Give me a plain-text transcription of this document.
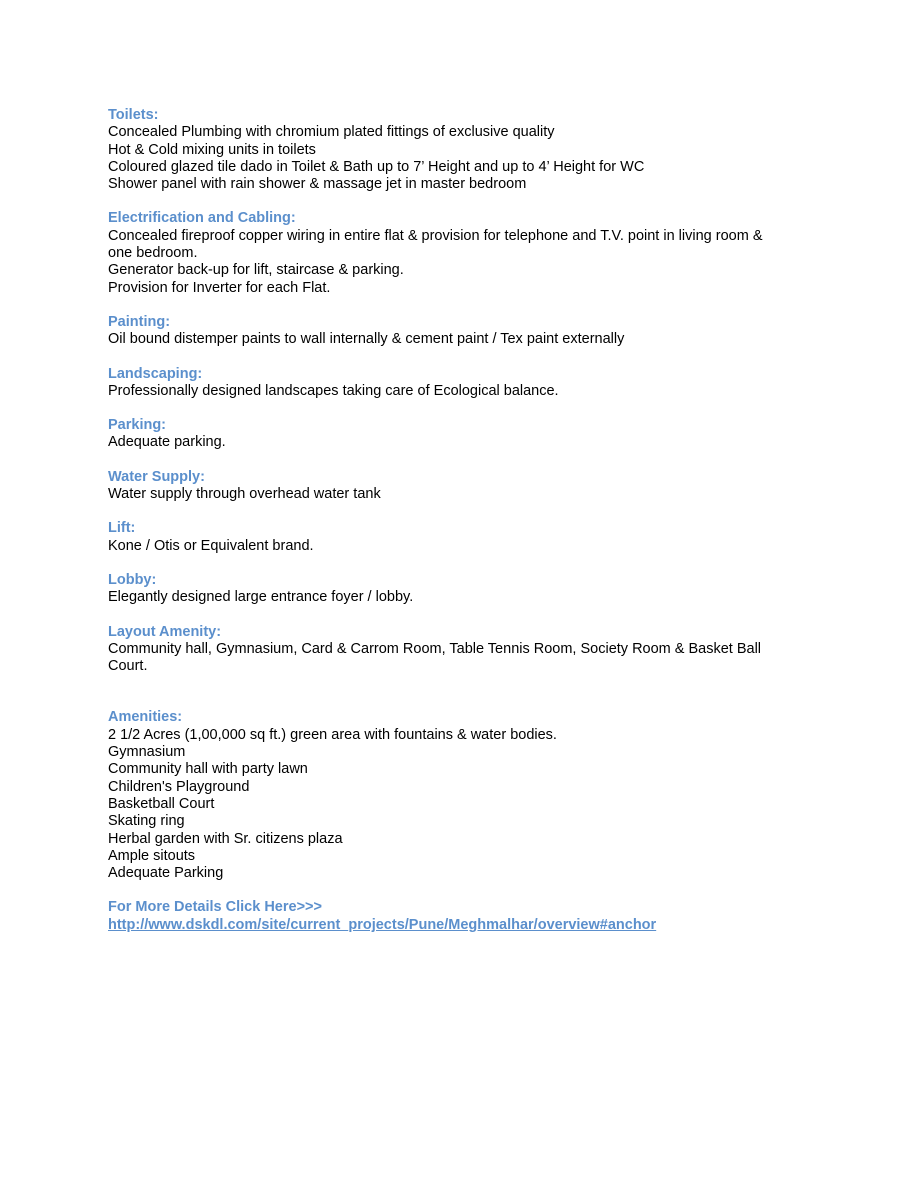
Toilets:

Concealed Plumbing with chromium plated fittings of exclusive quality

Hot & Cold mixing units in toilets

Coloured glazed tile dado in Toilet & Bath up to 7’ Height and up to 4’ Height for WC

Shower panel with rain shower & massage jet in master bedroom

Electrification and Cabling:

Concealed fireproof copper wiring in entire flat & provision for telephone and T.V. point in living room &

one bedroom.

Generator back-up for lift, staircase & parking.

Provision for Inverter for each Flat.

Painting:

Oil bound distemper paints to wall internally & cement paint / Tex paint externally

Landscaping:

Professionally designed landscapes taking care of Ecological balance.

Parking:

Adequate parking.

Water Supply:

Water supply through overhead water tank

Lift:

Kone / Otis or Equivalent brand.

Lobby:

Elegantly designed large entrance foyer / lobby.

Layout Amenity:

Community hall, Gymnasium, Card & Carrom Room, Table Tennis Room, Society Room & Basket Ball

Court.

Amenities:

2 1/2 Acres (1,00,000 sq ft.) green area with fountains & water bodies.

Gymnasium

Community hall with party lawn

Children's Playground

Basketball Court

Skating ring

Herbal garden with Sr. citizens plaza

Ample sitouts

Adequate Parking

For More Details Click Here>>>

http://www.dskdl.com/site/current_projects/Pune/Meghmalhar/overview#anchor
